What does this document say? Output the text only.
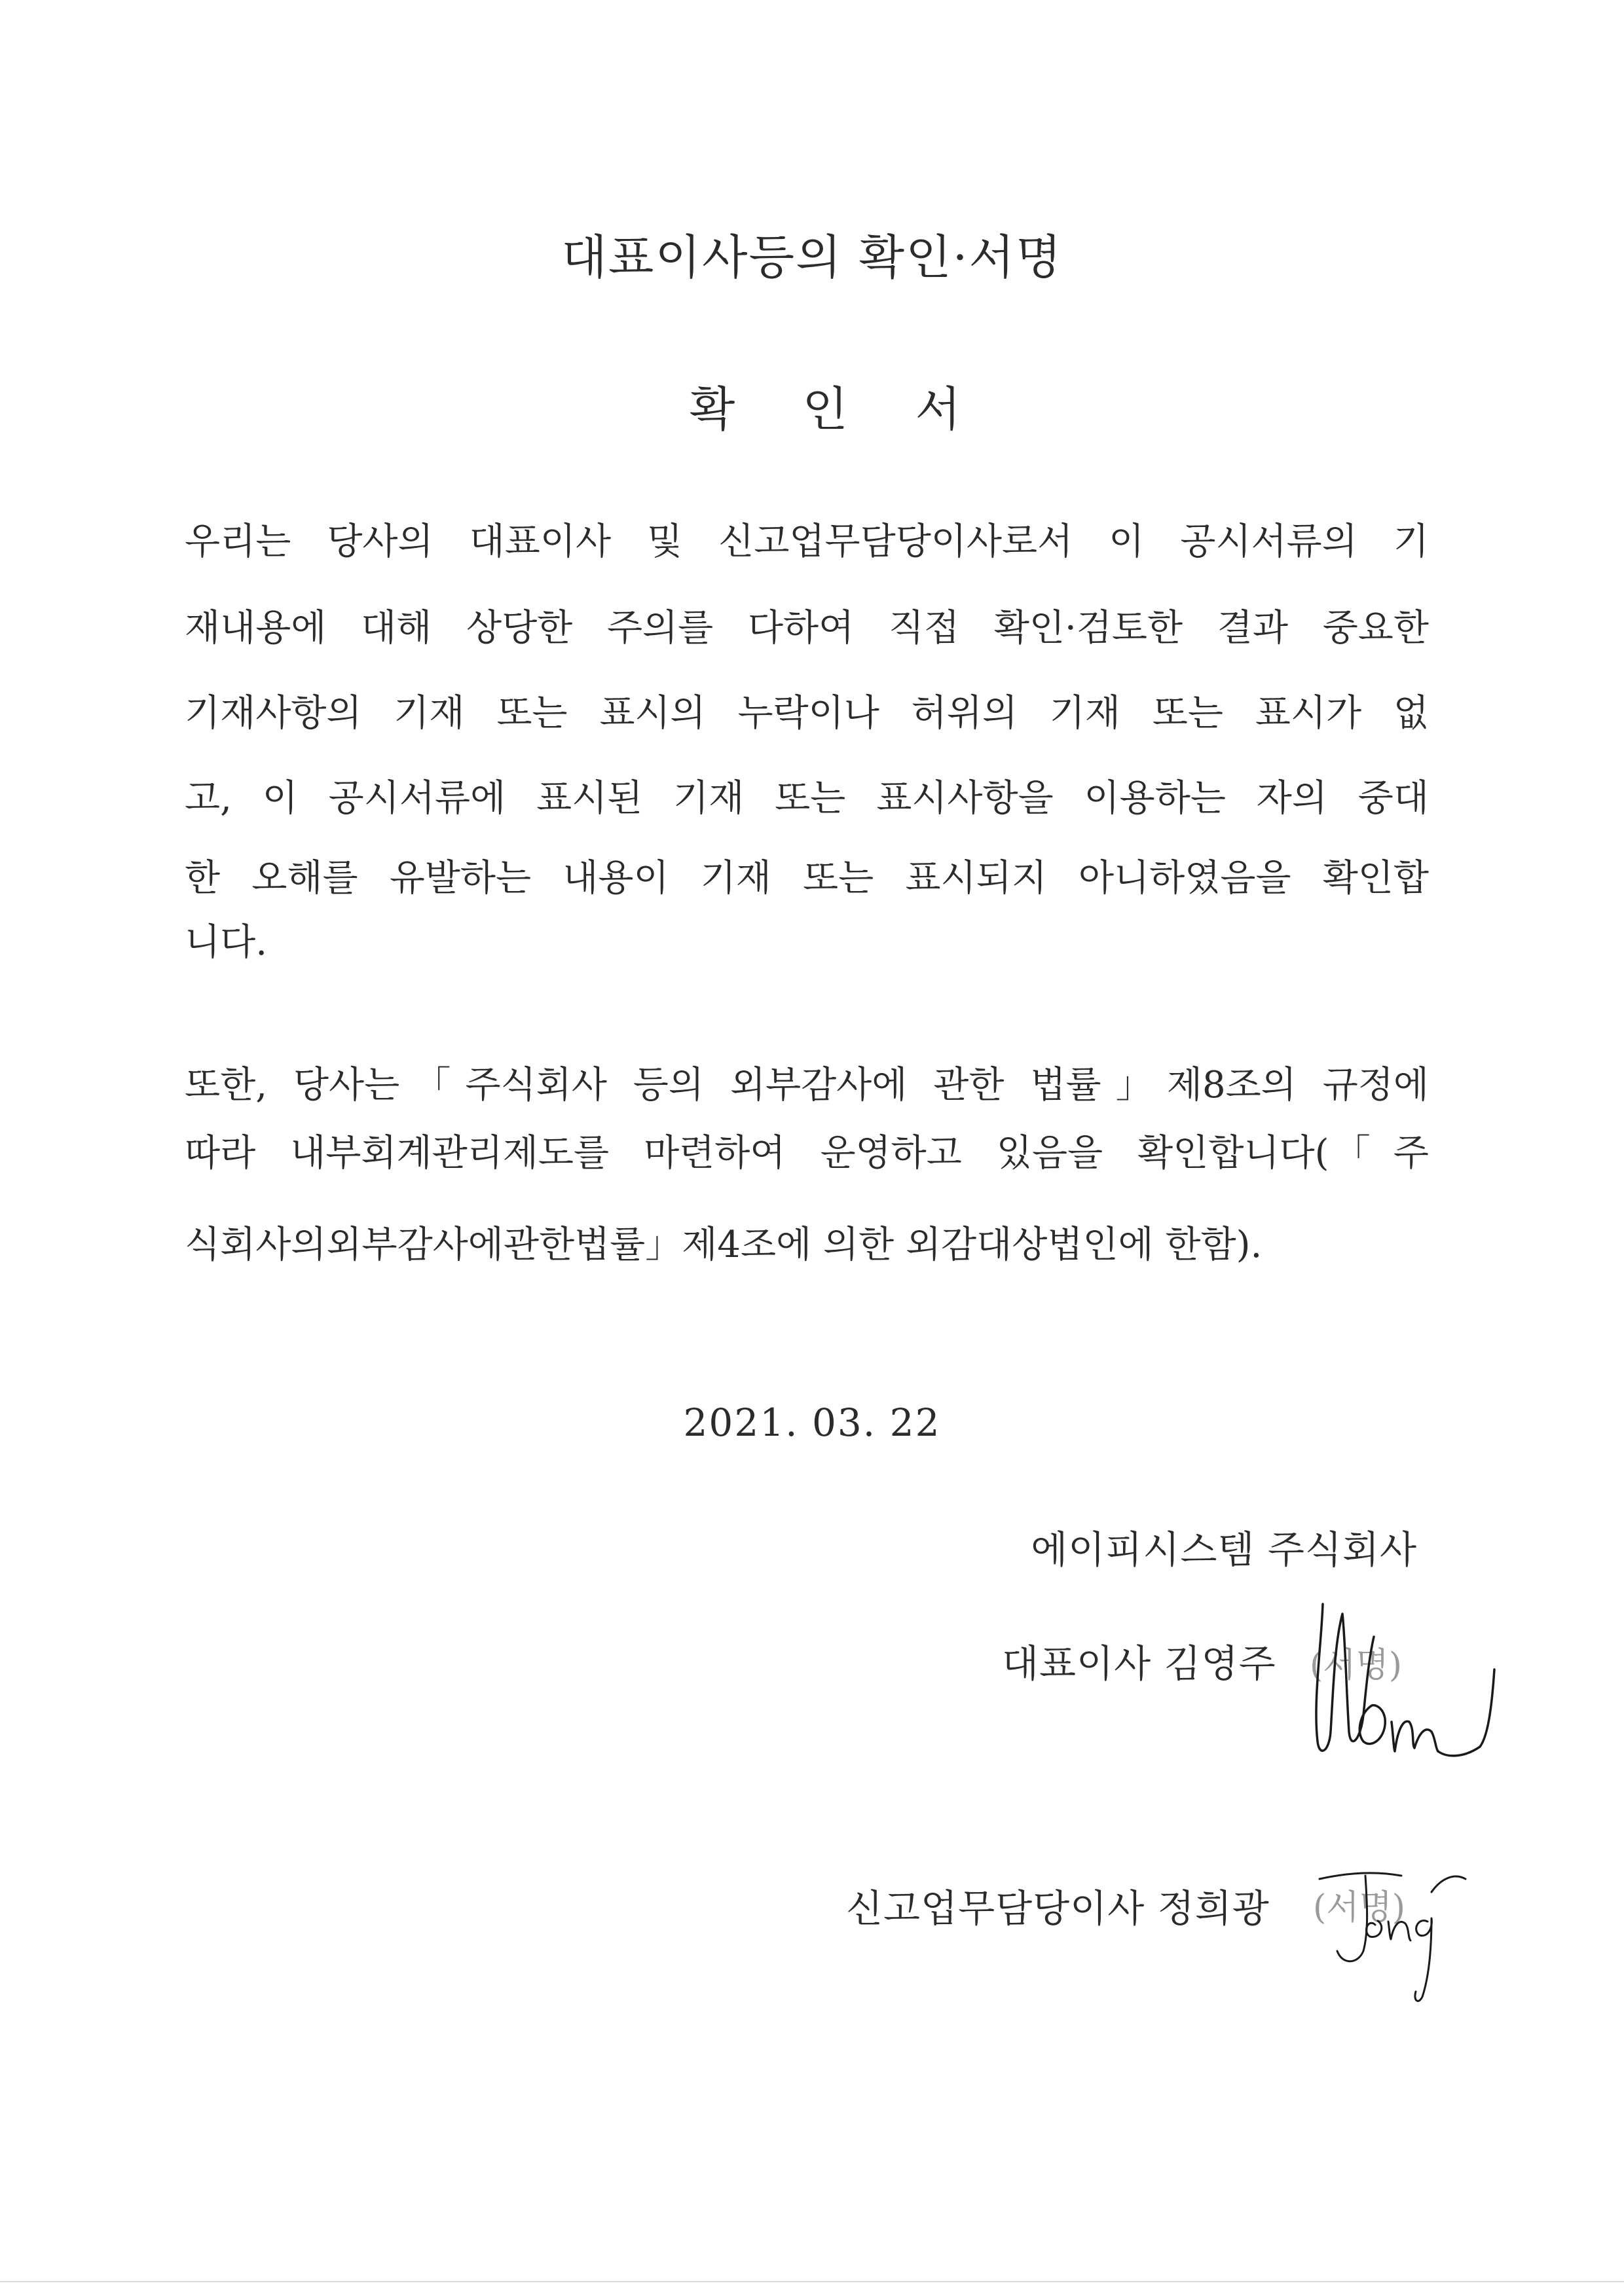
대표이사등의 확인·서명
확 인 서
우리는 당사의 대표이사 및 신고업무담당이사로서 이 공시서류의 기
재내용에 대해 상당한 주의를 다하여 직접 확인·검토한 결과 중요한
기재사항의 기재 또는 표시의 누락이나 허위의 기재 또는 표시가 없
고, 이 공시서류에 표시된 기재 또는 표시사항을 이용하는 자의 중대
한 오해를 유발하는 내용이 기재 또는 표시되지 아니하였음을 확인합
니다.
또한, 당사는「주식회사 등의 외부감사에 관한 법률」제8조의 규정에
따라 내부회계관리제도를 마련하여 운영하고 있음을 확인합니다(「주
식회사의외부감사에관한법률」제4조에 의한 외감대상법인에 한함).
2021. 03. 22
에이피시스템 주식회사
대표이사 김영주 (서명)
신고업무담당이사 정희광 (서명)
